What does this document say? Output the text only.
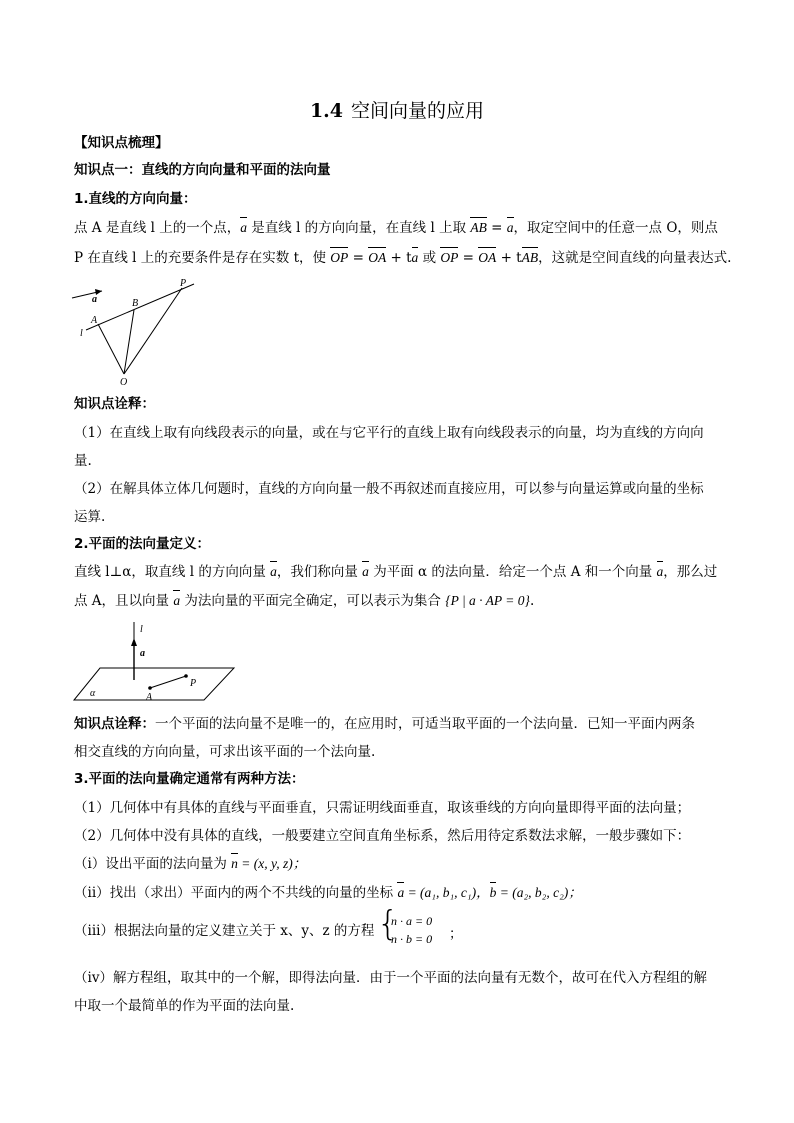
1.4 空间向量的应用
【知识点梳理】
知识点一：直线的方向向量和平面的法向量
1.直线的方向向量：
点 A 是直线 l 上的一个点，a 是直线 l 的方向向量，在直线 l 上取 AB = a，取定空间中的任意一点 O，则点
P 在直线 l 上的充要条件是存在实数 t，使 OP = OA + ta 或 OP = OA + tAB，这就是空间直线的向量表达式.
a	B
P
A
l
O
知识点诠释：
（1）在直线上取有向线段表示的向量，或在与它平行的直线上取有向线段表示的向量，均为直线的方向向
量.
（2）在解具体立体几何题时，直线的方向向量一般不再叙述而直接应用，可以参与向量运算或向量的坐标
运算.
2.平面的法向量定义：
直线 l⊥α，取直线 l 的方向向量 a，我们称向量 a 为平面 α 的法向量．给定一个点 A 和一个向量 a，那么过
点 A，且以向量 a 为法向量的平面完全确定，可以表示为集合 {P | a · AP = 0}.
l
a
α	A
P
知识点诠释：一个平面的法向量不是唯一的，在应用时，可适当取平面的一个法向量．已知一平面内两条
相交直线的方向向量，可求出该平面的一个法向量.
3.平面的法向量确定通常有两种方法：
（1）几何体中有具体的直线与平面垂直，只需证明线面垂直，取该垂线的方向向量即得平面的法向量；
（2）几何体中没有具体的直线，一般要建立空间直角坐标系，然后用待定系数法求解，一般步骤如下：
（i）设出平面的法向量为 n = (x, y, z)；
（ii）找出（求出）平面内的两个不共线的向量的坐标 a = (a₁, b₁, c₁)，b = (a₂, b₂, c₂)；
（iii）根据法向量的定义建立关于 x、y、z 的方程 {
n · a = 0
n · b = 0 ；
（iv）解方程组，取其中的一个解，即得法向量．由于一个平面的法向量有无数个，故可在代入方程组的解
中取一个最简单的作为平面的法向量.
